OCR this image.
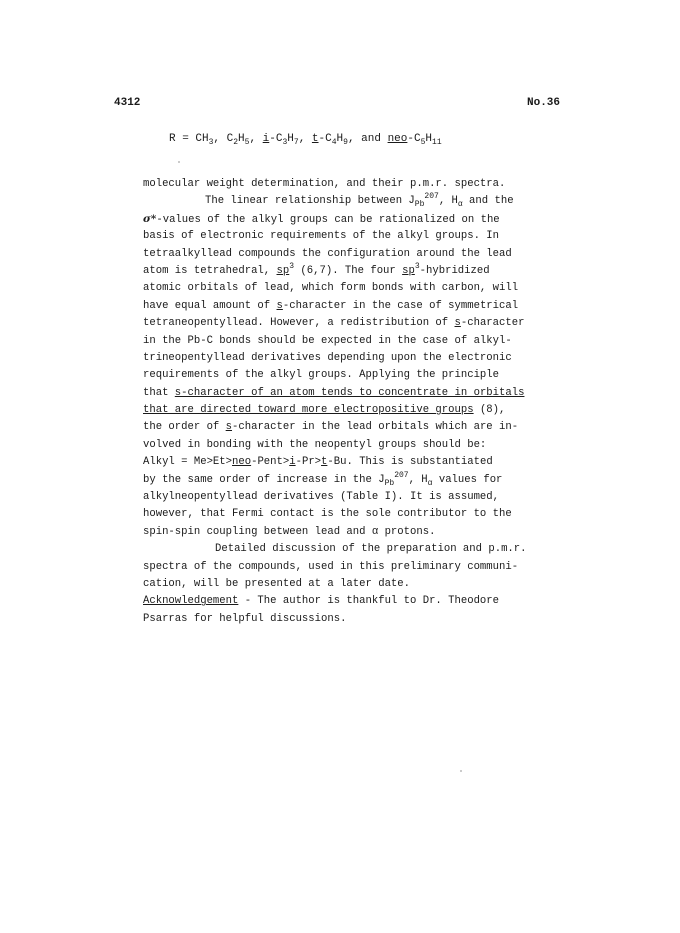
4312	No.36
$R = CH_3$, $C_2H_5$, $i-C_3H_7$, $t-C_4H_9$, and neo-$C_5H_{11}$
molecular weight determination, and their p.m.r. spectra.
The linear relationship between $J_{Pb}^{207}$, $H_\alpha$ and the
σ*-values of the alkyl groups can be rationalized on the
basis of electronic requirements of the alkyl groups. In
tetraalkyllead compounds the configuration around the lead
atom is tetrahedral, $sp^3$ (6,7). The four $sp^3$-hybridized
atomic orbitals of lead, which form bonds with carbon, will
have equal amount of s-character in the case of symmetrical
tetraneopentyllead. However, a redistribution of s-character
in the Pb-C bonds should be expected in the case of alkyl-
trineopentyllead derivatives depending upon the electronic
requirements of the alkyl groups. Applying the principle
that s-character of an atom tends to concentrate in orbitals
that are directed toward more electropositive groups (8),
the order of s-character in the lead orbitals which are in-
volved in bonding with the neopentyl groups should be:
Alkyl = Me>Et>neo-Pent>i-Pr>t-Bu. This is substantiated
by the same order of increase in the $J_{Pb}^{207}$, $H_\alpha$ values for
alkylneopentyllead derivatives (Table I). It is assumed,
however, that Fermi contact is the sole contributor to the
spin-spin coupling between lead and α protons.
Detailed discussion of the preparation and p.m.r.
spectra of the compounds, used in this preliminary communi-
cation, will be presented at a later date.
Acknowledgement - The author is thankful to Dr. Theodore
Psarras for helpful discussions.
